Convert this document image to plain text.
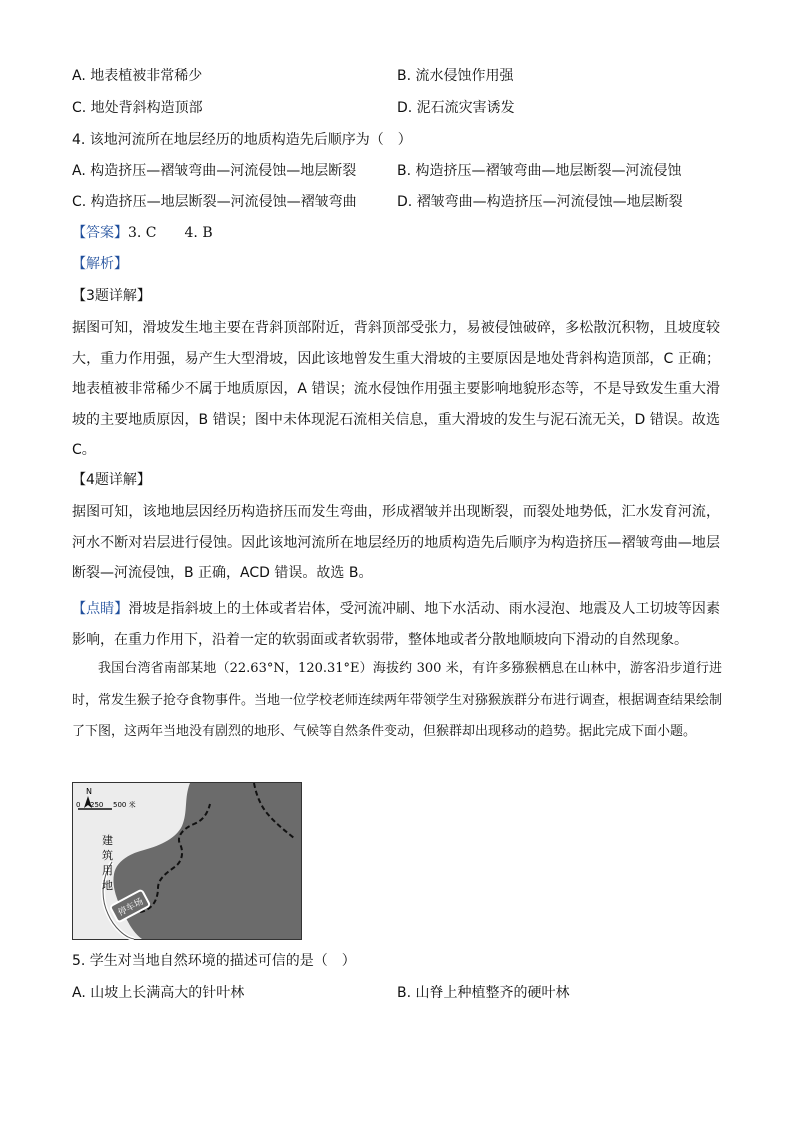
A. 地表植被非常稀少	B. 流水侵蚀作用强
C. 地处背斜构造顶部	D. 泥石流灾害诱发
4. 该地河流所在地层经历的地质构造先后顺序为（　）
A. 构造挤压—褶皱弯曲—河流侵蚀—地层断裂	B. 构造挤压—褶皱弯曲—地层断裂—河流侵蚀
C. 构造挤压—地层断裂—河流侵蚀—褶皱弯曲	D. 褶皱弯曲—构造挤压—河流侵蚀—地层断裂
【答案】3. C　　4. B
【解析】
【3题详解】
据图可知，滑坡发生地主要在背斜顶部附近，背斜顶部受张力，易被侵蚀破碎，多松散沉积物，且坡度较大，重力作用强，易产生大型滑坡，因此该地曾发生重大滑坡的主要原因是地处背斜构造顶部，C 正确；地表植被非常稀少不属于地质原因，A 错误；流水侵蚀作用强主要影响地貌形态等，不是导致发生重大滑坡的主要地质原因，B 错误；图中未体现泥石流相关信息，重大滑坡的发生与泥石流无关，D 错误。故选C。
【4题详解】
据图可知，该地地层因经历构造挤压而发生弯曲，形成褶皱并出现断裂，而裂处地势低，汇水发育河流，河水不断对岩层进行侵蚀。因此该地河流所在地层经历的地质构造先后顺序为构造挤压—褶皱弯曲—地层断裂—河流侵蚀，B 正确，ACD 错误。故选 B。
【点睛】滑坡是指斜坡上的土体或者岩体，受河流冲刷、地下水活动、雨水浸泡、地震及人工切坡等因素影响，在重力作用下，沿着一定的软弱面或者软弱带，整体地或者分散地顺坡向下滑动的自然现象。
我国台湾省南部某地（22.63°N，120.31°E）海拔约 300 米，有许多猕猴栖息在山林中，游客沿步道行进时，常发生猴子抢夺食物事件。当地一位学校老师连续两年带领学生对猕猴族群分布进行调查，根据调查结果绘制了下图，这两年当地没有剧烈的地形、气候等自然条件变动，但猴群却出现移动的趋势。据此完成下面小题。
停车场
N
0 250 500 米
建
筑
用
地
5. 学生对当地自然环境的描述可信的是（　）
A. 山坡上长满高大的针叶林	B. 山脊上种植整齐的硬叶林
